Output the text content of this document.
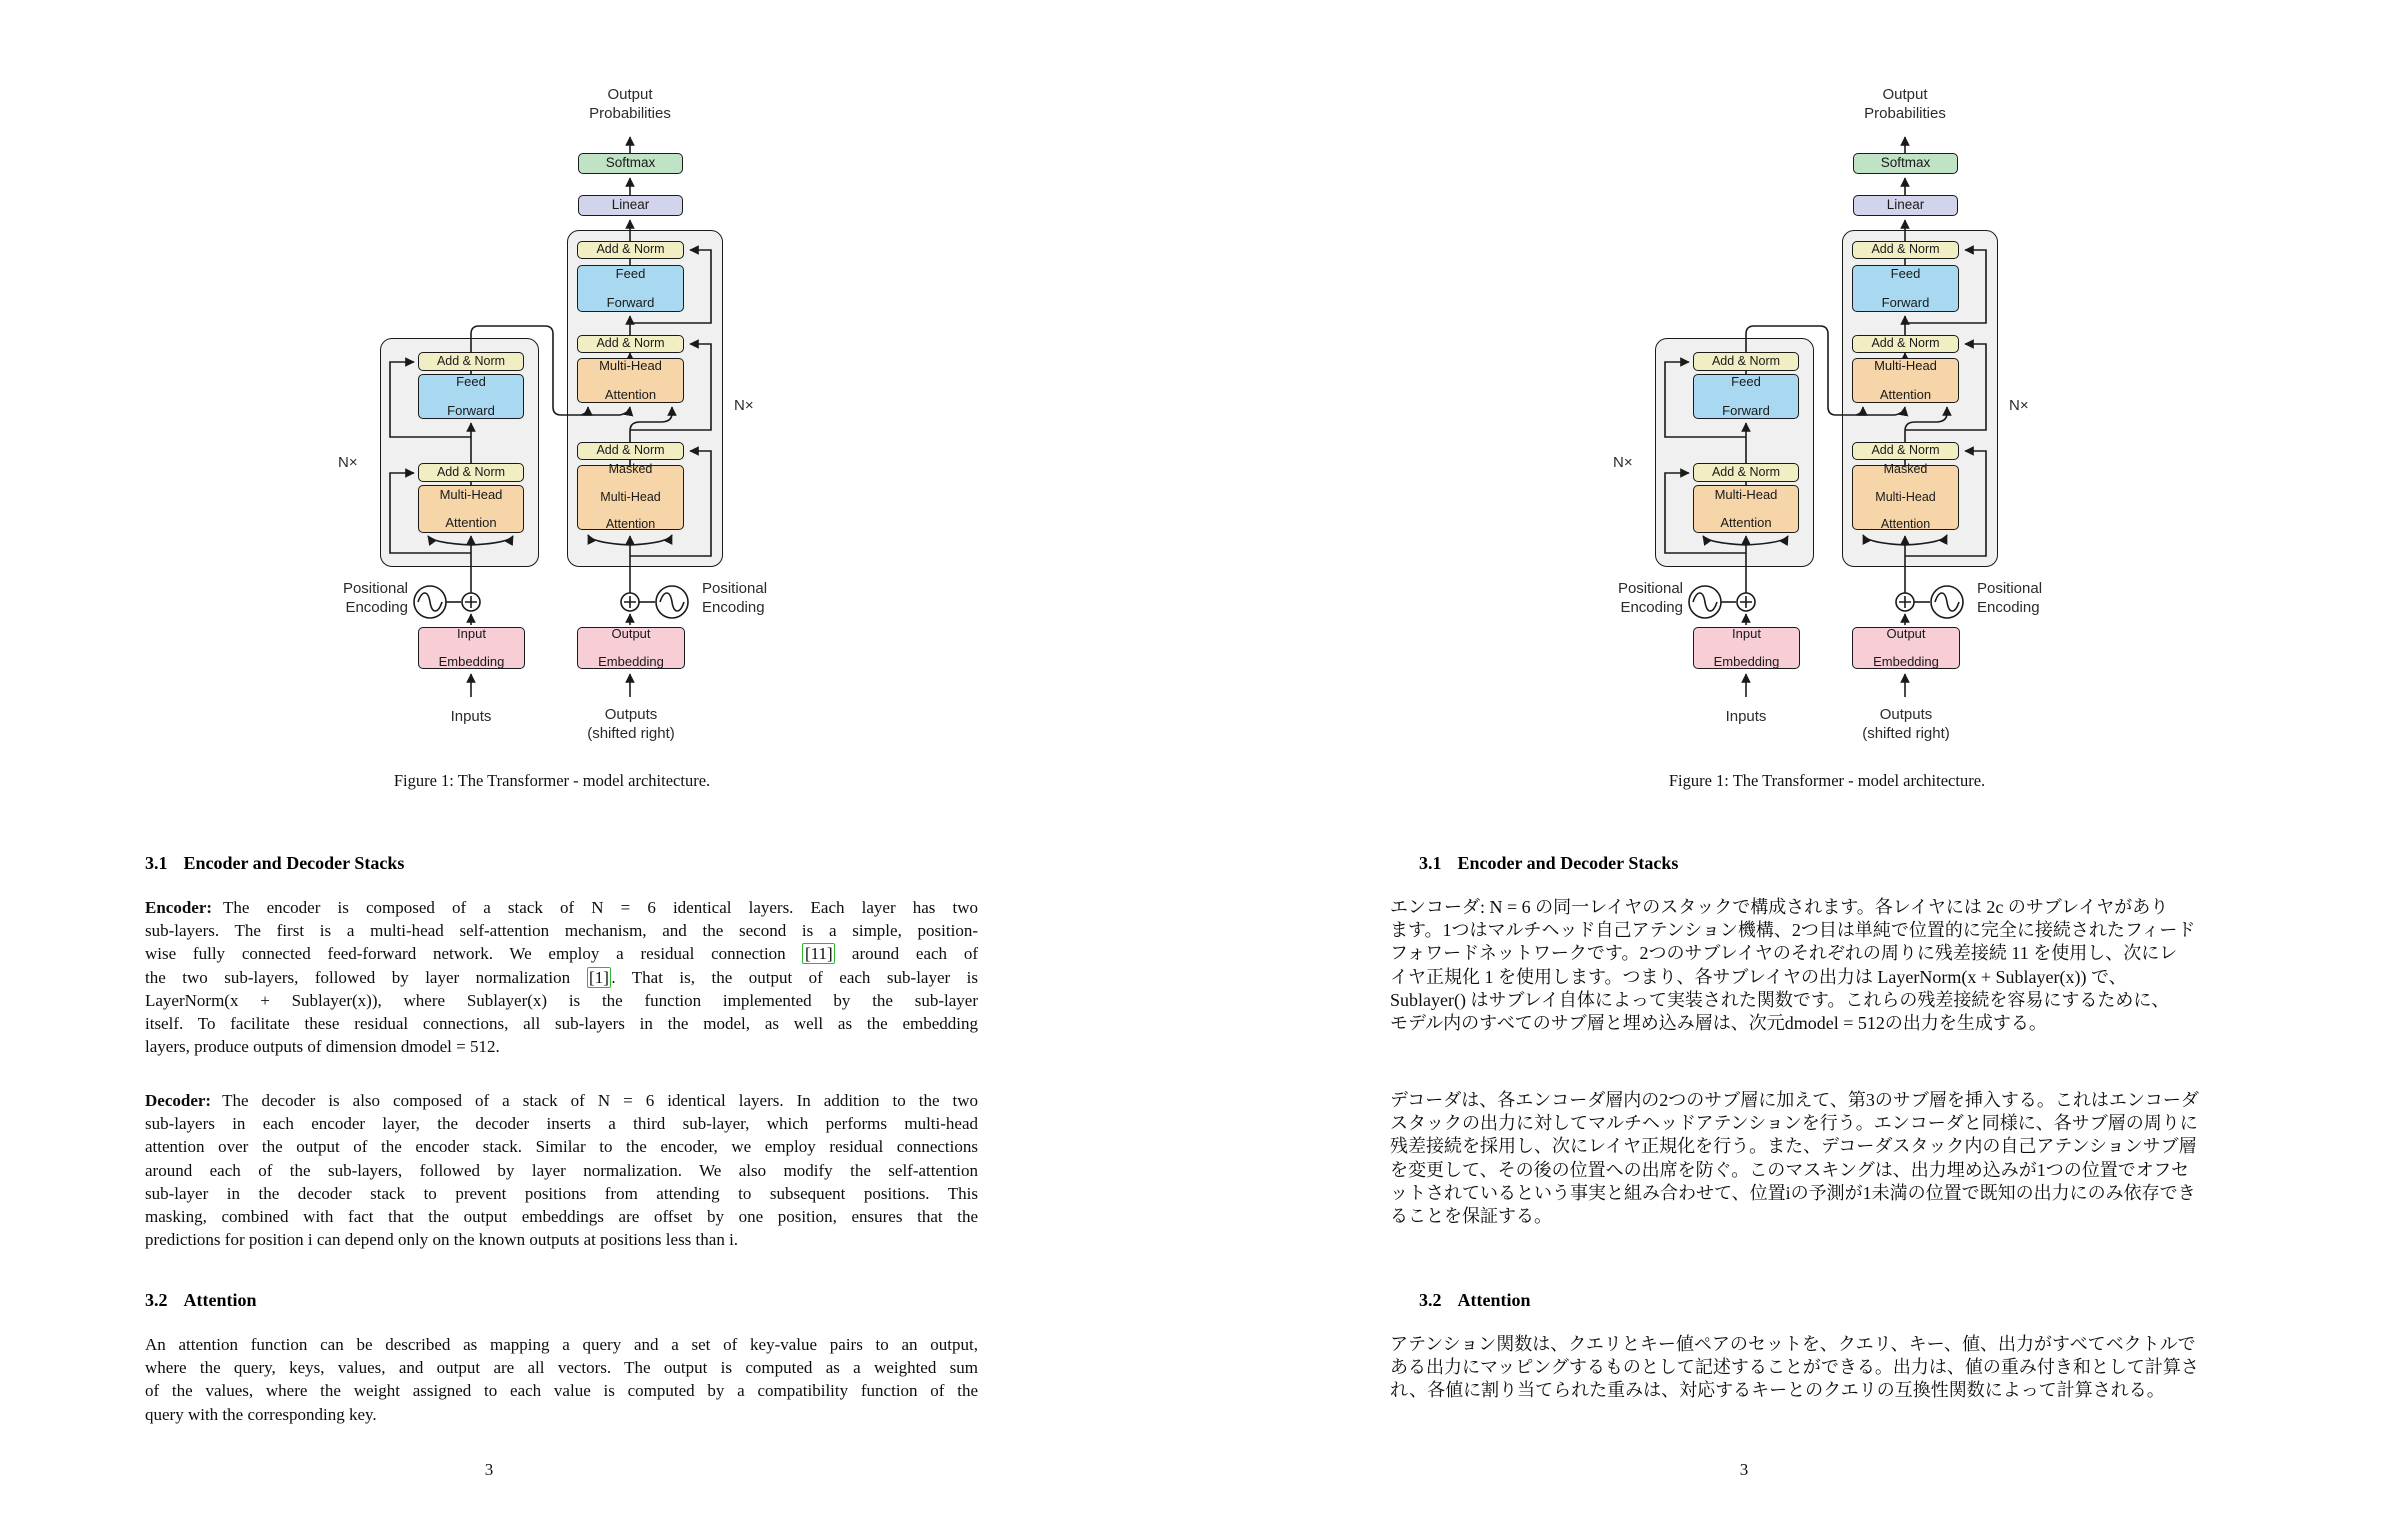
Softmax
Linear
Add & Norm
Feed

Forward
Add & Norm
Multi-Head

Attention
Add & Norm
Masked

Multi-Head

Attention
Add & Norm
Feed

Forward
Add & Norm
Multi-Head

Attention
Input

Embedding
Output

Embedding
Output
Probabilities
N×
N×
Positional
Encoding
Positional
Encoding
Inputs	Outputs
(shifted right)
Figure 1: The Transformer - model architecture.
3.1 Encoder and Decoder Stacks
Encoder: The encoder is composed of a stack of N = 6 identical layers. Each layer has two
sub-layers. The first is a multi-head self-attention mechanism, and the second is a simple, position-
wise fully connected feed-forward network. We employ a residual connection [11] around each of
the two sub-layers, followed by layer normalization [1] . That is, the output of each sub-layer is
LayerNorm(x + Sublayer(x)), where Sublayer(x) is the function implemented by the sub-layer
itself. To facilitate these residual connections, all sub-layers in the model, as well as the embedding
layers, produce outputs of dimension dmodel = 512.
Decoder: The decoder is also composed of a stack of N = 6 identical layers. In addition to the two
sub-layers in each encoder layer, the decoder inserts a third sub-layer, which performs multi-head
attention over the output of the encoder stack. Similar to the encoder, we employ residual connections
around each of the sub-layers, followed by layer normalization. We also modify the self-attention
sub-layer in the decoder stack to prevent positions from attending to subsequent positions. This
masking, combined with fact that the output embeddings are offset by one position, ensures that the
predictions for position i can depend only on the known outputs at positions less than i.
3.2 Attention
An attention function can be described as mapping a query and a set of key-value pairs to an output,
where the query, keys, values, and output are all vectors. The output is computed as a weighted sum
of the values, where the weight assigned to each value is computed by a compatibility function of the
query with the corresponding key.
3
Softmax
Linear
Add & Norm
Feed

Forward
Add & Norm
Multi-Head

Attention
Add & Norm
Masked

Multi-Head

Attention
Add & Norm
Feed

Forward
Add & Norm
Multi-Head

Attention
Input

Embedding
Output

Embedding
Output
Probabilities
N×
N×
Positional
Encoding
Positional
Encoding
Inputs	Outputs
(shifted right)
Figure 1: The Transformer - model architecture.
3.1 Encoder and Decoder Stacks
エンコーダ: N = 6 の同一レイヤのスタックで構成されます。各レイヤには 2c のサブレイヤがあり
ます。1つはマルチヘッド自己アテンション機構、2つ目は単純で位置的に完全に接続されたフィード
フォワードネットワークです。2つのサブレイヤのそれぞれの周りに残差接続 11 を使用し、次にレ
イヤ正規化 1 を使用します。つまり、各サブレイヤの出力は LayerNorm(x + Sublayer(x)) で、
Sublayer() はサブレイ自体によって実装された関数です。これらの残差接続を容易にするために、
モデル内のすべてのサブ層と埋め込み層は、次元dmodel = 512の出力を生成する。
デコーダは、各エンコーダ層内の2つのサブ層に加えて、第3のサブ層を挿入する。これはエンコーダ
スタックの出力に対してマルチヘッドアテンションを行う。エンコーダと同様に、各サブ層の周りに
残差接続を採用し、次にレイヤ正規化を行う。また、デコーダスタック内の自己アテンションサブ層
を変更して、その後の位置への出席を防ぐ。このマスキングは、出力埋め込みが1つの位置でオフセ
ットされているという事実と組み合わせて、位置iの予測が1未満の位置で既知の出力にのみ依存でき
ることを保証する。
3.2 Attention
アテンション関数は、クエリとキー値ペアのセットを、クエリ、キー、値、出力がすべてベクトルで
ある出力にマッピングするものとして記述することができる。出力は、値の重み付き和として計算さ
れ、各値に割り当てられた重みは、対応するキーとのクエリの互換性関数によって計算される。
3
